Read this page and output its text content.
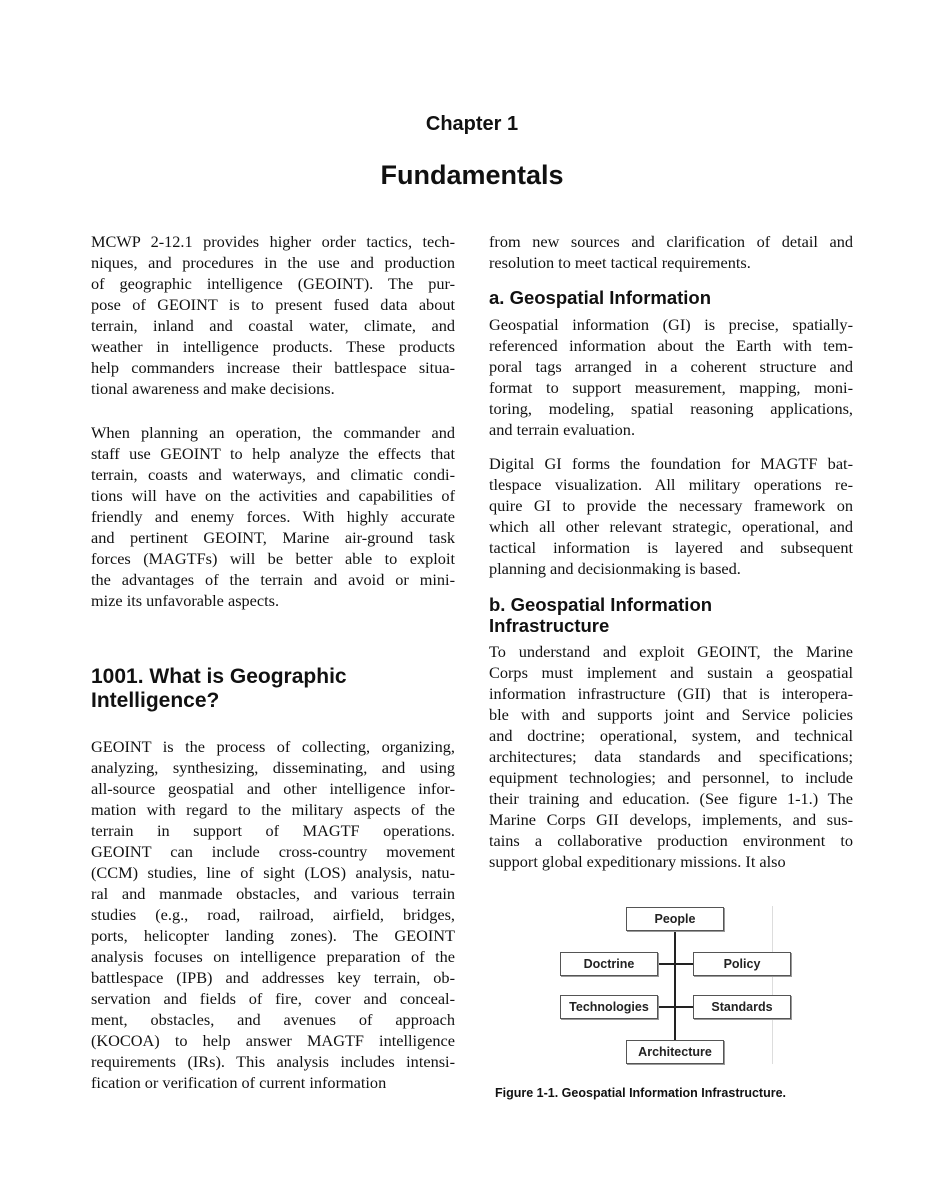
Chapter 1
Fundamentals
MCWP 2-12.1 provides higher order tactics, tech-
niques, and procedures in the use and production
of geographic intelligence (GEOINT). The pur-
pose of GEOINT is to present fused data about
terrain, inland and coastal water, climate, and
weather in intelligence products. These products
help commanders increase their battlespace situa-
tional awareness and make decisions.
When planning an operation, the commander and
staff use GEOINT to help analyze the effects that
terrain, coasts and waterways, and climatic condi-
tions will have on the activities and capabilities of
friendly and enemy forces. With highly accurate
and pertinent GEOINT, Marine air-ground task
forces (MAGTFs) will be better able to exploit
the advantages of the terrain and avoid or mini-
mize its unfavorable aspects.
1001. What is Geographic
Intelligence?
GEOINT is the process of collecting, organizing,
analyzing, synthesizing, disseminating, and using
all-source geospatial and other intelligence infor-
mation with regard to the military aspects of the
terrain in support of MAGTF operations.
GEOINT can include cross-country movement
(CCM) studies, line of sight (LOS) analysis, natu-
ral and manmade obstacles, and various terrain
studies (e.g., road, railroad, airfield, bridges,
ports, helicopter landing zones). The GEOINT
analysis focuses on intelligence preparation of the
battlespace (IPB) and addresses key terrain, ob-
servation and fields of fire, cover and conceal-
ment, obstacles, and avenues of approach
(KOCOA) to help answer MAGTF intelligence
requirements (IRs). This analysis includes intensi-
fication or verification of current information
from new sources and clarification of detail and
resolution to meet tactical requirements.
a. Geospatial Information
Geospatial information (GI) is precise, spatially-
referenced information about the Earth with tem-
poral tags arranged in a coherent structure and
format to support measurement, mapping, moni-
toring, modeling, spatial reasoning applications,
and terrain evaluation.
Digital GI forms the foundation for MAGTF bat-
tlespace visualization. All military operations re-
quire GI to provide the necessary framework on
which all other relevant strategic, operational, and
tactical information is layered and subsequent
planning and decisionmaking is based.
b. Geospatial Information
Infrastructure
To understand and exploit GEOINT, the Marine
Corps must implement and sustain a geospatial
information infrastructure (GII) that is interopera-
ble with and supports joint and Service policies
and doctrine; operational, system, and technical
architectures; data standards and specifications;
equipment technologies; and personnel, to include
their training and education. (See figure 1-1.) The
Marine Corps GII develops, implements, and sus-
tains a collaborative production environment to
support global expeditionary missions. It also
People
Doctrine	Policy
Technologies	Standards
Architecture
Figure 1-1. Geospatial Information Infrastructure.
